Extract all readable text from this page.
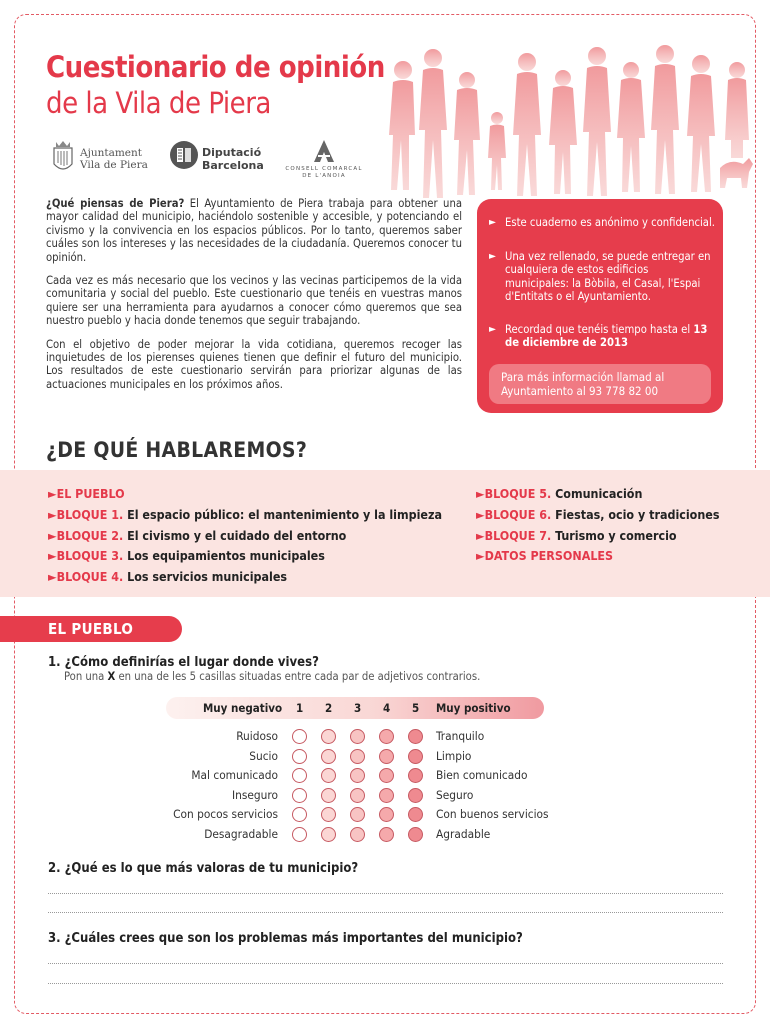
Cuestionario de opinión
de la Vila de Piera
Ajuntament
Vila de Piera
Diputació
Barcelona	CONSELL COMARCAL
DE L'ANOIA

¿Qué piensas de Piera? El Ayuntamiento de Piera trabaja para obtener una mayor calidad del municipio, haciéndolo sostenible y accesible, y potenciando el civismo y la convivencia en los espacios públicos. Por lo tanto, queremos saber cuáles son los intereses y las necesidades de la ciudadanía. Queremos conocer tu opinión.

Cada vez es más necesario que los vecinos y las vecinas participemos de la vida comunitaria y social del pueblo. Este cuestionario que tenéis en vuestras manos quiere ser una herramienta para ayudarnos a conocer cómo queremos que sea nuestro pueblo y hacia donde tenemos que seguir trabajando.

Con el objetivo de poder mejorar la vida cotidiana, queremos recoger las inquietudes de los pierenses quienes tienen que definir el futuro del municipio. Los resultados de este cuestionario servirán para priorizar algunas de las actuaciones municipales en los próximos años.

► Este cuaderno es anónimo y confidencial.
► Una vez rellenado, se puede entregar en cualquiera de estos edificios municipales: la Bòbila, el Casal, l'Espai d'Entitats o el Ayuntamiento.
► Recordad que tenéis tiempo hasta el 13 de diciembre de 2013
Para más información llamad al Ayuntamiento al 93 778 82 00
¿DE QUÉ HABLAREMOS?
►EL PUEBLO
►BLOQUE 1. El espacio público: el mantenimiento y la limpieza
►BLOQUE 2. El civismo y el cuidado del entorno
►BLOQUE 3. Los equipamientos municipales
►BLOQUE 4. Los servicios municipales
►BLOQUE 5. Comunicación
►BLOQUE 6. Fiestas, ocio y tradiciones
►BLOQUE 7. Turismo y comercio
►DATOS PERSONALES
EL PUEBLO
1. ¿Cómo definirías el lugar donde vives?
Pon una X en una de les 5 casillas situadas entre cada par de adjetivos contrarios.
Muy negativo 1 2 3 4 5 Muy positivo
Ruidoso	Tranquilo
Sucio	Limpio
Mal comunicado	Bien comunicado
Inseguro	Seguro
Con pocos servicios	Con buenos servicios
Desagradable	Agradable
2. ¿Qué es lo que más valoras de tu municipio?
3. ¿Cuáles crees que son los problemas más importantes del municipio?
